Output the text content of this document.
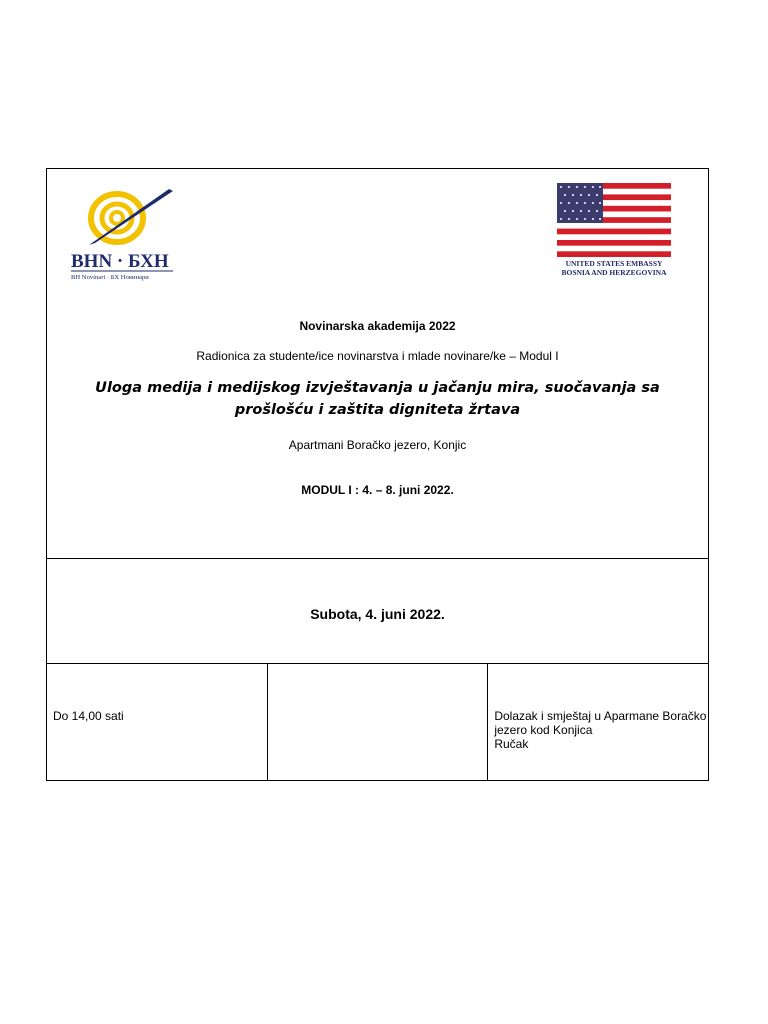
BHN · БХН
BH Novinari · БХ Новинари
UNITED STATES EMBASSY
BOSNIA AND HERZEGOVINA
Novinarska akademija 2022
Radionica za studente/ice novinarstva i mlade novinare/ke – Modul I
Uloga medija i medijskog izvještavanja u jačanju mira, suočavanja sa prošlošću i zaštita digniteta žrtava
Apartmani Boračko jezero, Konjic
MODUL I : 4. – 8. juni 2022.

Subota, 4. juni 2022.

Do 14,00 sati		Dolazak i smještaj u Aparmane Boračko jezero kod Konjica
Ručak
